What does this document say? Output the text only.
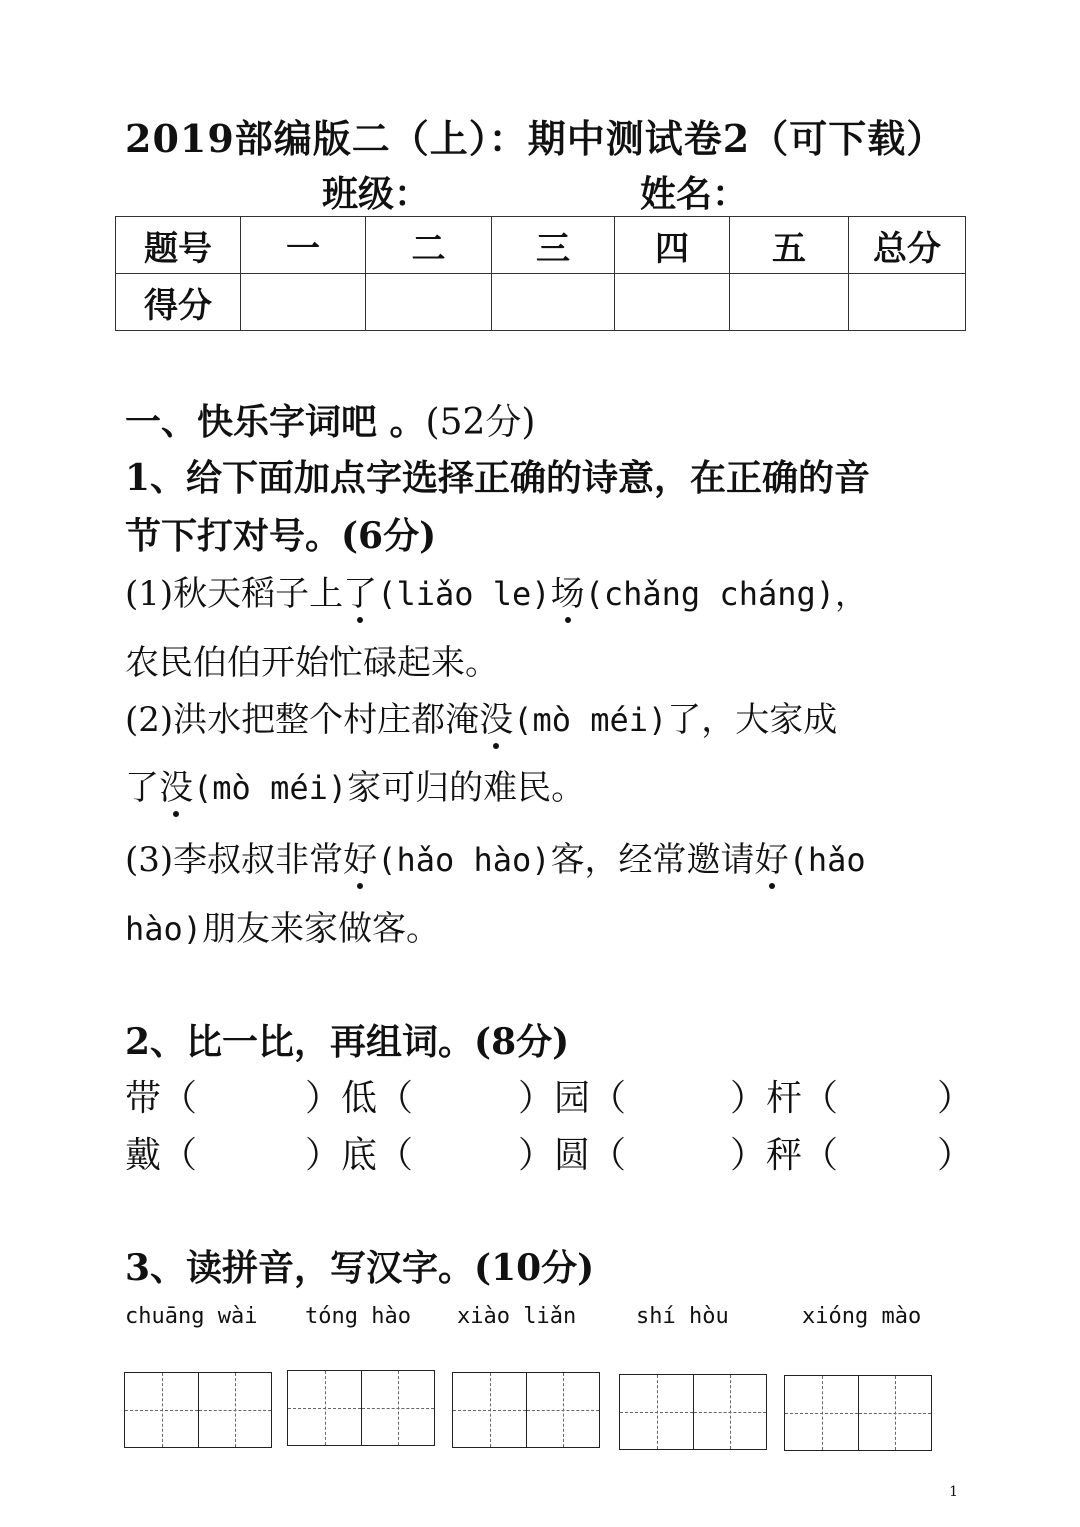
2019部编版二（上）：期中测试卷2（可下载）
班级：	姓名：
题号	一	二	三	四	五	总分
得分						
一、快乐字词吧 。(52分)
1、给下面加点字选择正确的诗意，在正确的音
节下打对号。(6分)
(1)秋天稻子上了(liǎo le)场(chǎng cháng)，
农民伯伯开始忙碌起来。
(2)洪水把整个村庄都淹没(mò méi)了，大家成
了没(mò méi)家可归的难民。
(3)李叔叔非常好(hǎo hào)客，经常邀请好(hǎo
hào)朋友来家做客。
2、比一比，再组词。(8分)
带（	）低（	）园（	）杆（	）
戴（	）底（	）圆（	）秤（	）
3、读拼音，写汉字。(10分)
chuāng wài tóng hào xiào liǎn	shí hòu	xióng mào
1
